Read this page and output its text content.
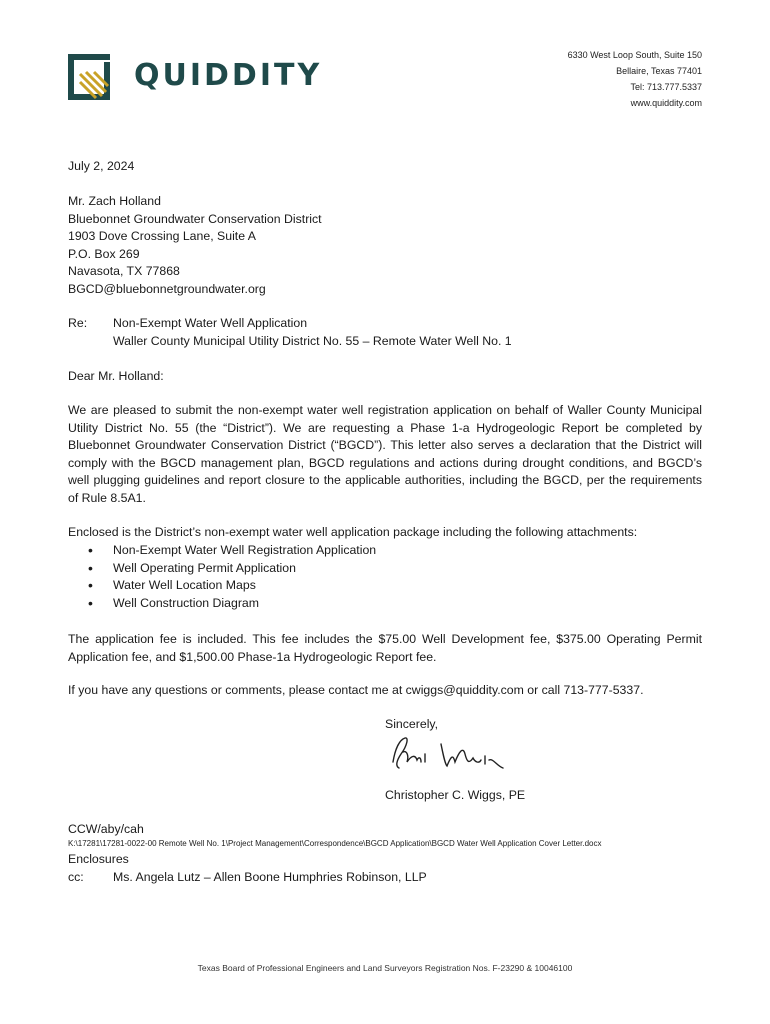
QUIDDITY
6330 West Loop South, Suite 150
Bellaire, Texas 77401
Tel: 713.777.5337
www.quiddity.com
July 2, 2024
Mr. Zach Holland
Bluebonnet Groundwater Conservation District
1903 Dove Crossing Lane, Suite A
P.O. Box 269
Navasota, TX 77868
BGCD@bluebonnetgroundwater.org
Re: Non-Exempt Water Well Application
Waller County Municipal Utility District No. 55 – Remote Water Well No. 1
Dear Mr. Holland:
We are pleased to submit the non-exempt water well registration application on behalf of Waller County Municipal Utility District No. 55 (the “District”). We are requesting a Phase 1-a Hydrogeologic Report be completed by Bluebonnet Groundwater Conservation District (“BGCD”). This letter also serves a declaration that the District will comply with the BGCD management plan, BGCD regulations and actions during drought conditions, and BGCD’s well plugging guidelines and report closure to the applicable authorities, including the BGCD, per the requirements of Rule 8.5A1.
Enclosed is the District’s non-exempt water well application package including the following attachments:
• Non-Exempt Water Well Registration Application
• Well Operating Permit Application
• Water Well Location Maps
• Well Construction Diagram
The application fee is included. This fee includes the $75.00 Well Development fee, $375.00 Operating Permit Application fee, and $1,500.00 Phase-1a Hydrogeologic Report fee.
If you have any questions or comments, please contact me at cwiggs@quiddity.com or call 713-777-5337.
Sincerely,
Christopher C. Wiggs, PE
CCW/aby/cah
K:\17281\17281-0022-00 Remote Well No. 1\Project Management\Correspondence\BGCD Application\BGCD Water Well Application Cover Letter.docx
Enclosures
cc: Ms. Angela Lutz – Allen Boone Humphries Robinson, LLP
Texas Board of Professional Engineers and Land Surveyors Registration Nos. F-23290 & 10046100
